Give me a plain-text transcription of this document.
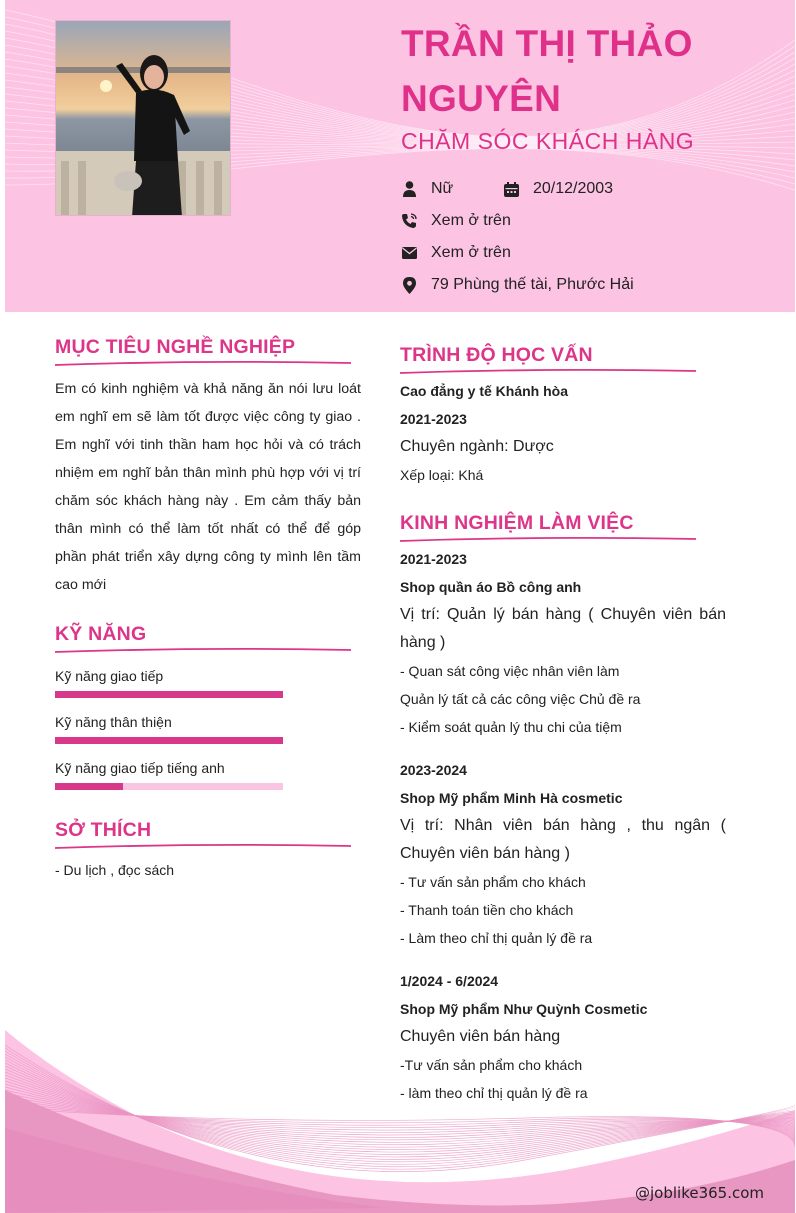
TRẦN THỊ THẢO
NGUYÊN
CHĂM SÓC KHÁCH HÀNG
Nữ	20/12/2003
Xem ở trên
Xem ở trên
79 Phùng thế tài, Phước Hải
MỤC TIÊU NGHỀ NGHIỆP
Em có kinh nghiệm và khả năng ăn nói lưu loát em nghĩ em sẽ làm tốt được việc công ty giao . Em nghĩ với tinh thần ham học hỏi và có trách nhiệm em nghĩ bản thân mình phù hợp với vị trí chăm sóc khách hàng này . Em cảm thấy bản thân mình có thể làm tốt nhất có thể để góp phần phát triển xây dựng công ty mình lên tầm cao mới
KỸ NĂNG
Kỹ năng giao tiếp
Kỹ năng thân thiện
Kỹ năng giao tiếp tiếng anh
SỞ THÍCH
- Du lịch , đọc sách
TRÌNH ĐỘ HỌC VẤN
Cao đẳng y tế Khánh hòa
2021-2023
Chuyên ngành: Dược
Xếp loại: Khá
KINH NGHIỆM LÀM VIỆC
2021-2023
Shop quần áo Bồ công anh
Vị trí: Quản lý bán hàng ( Chuyên viên bán hàng )
- Quan sát công việc nhân viên làm
Quản lý tất cả các công việc Chủ đề ra
- Kiểm soát quản lý thu chi của tiệm
2023-2024
Shop Mỹ phẩm Minh Hà cosmetic
Vị trí: Nhân viên bán hàng , thu ngân ( Chuyên viên bán hàng )
- Tư vấn sản phẩm cho khách
- Thanh toán tiền cho khách
- Làm theo chỉ thị quản lý đề ra
1/2024 - 6/2024
Shop Mỹ phẩm Như Quỳnh Cosmetic
Chuyên viên bán hàng
-Tư vấn sản phẩm cho khách
- làm theo chỉ thị quản lý đề ra
@joblike365.com
